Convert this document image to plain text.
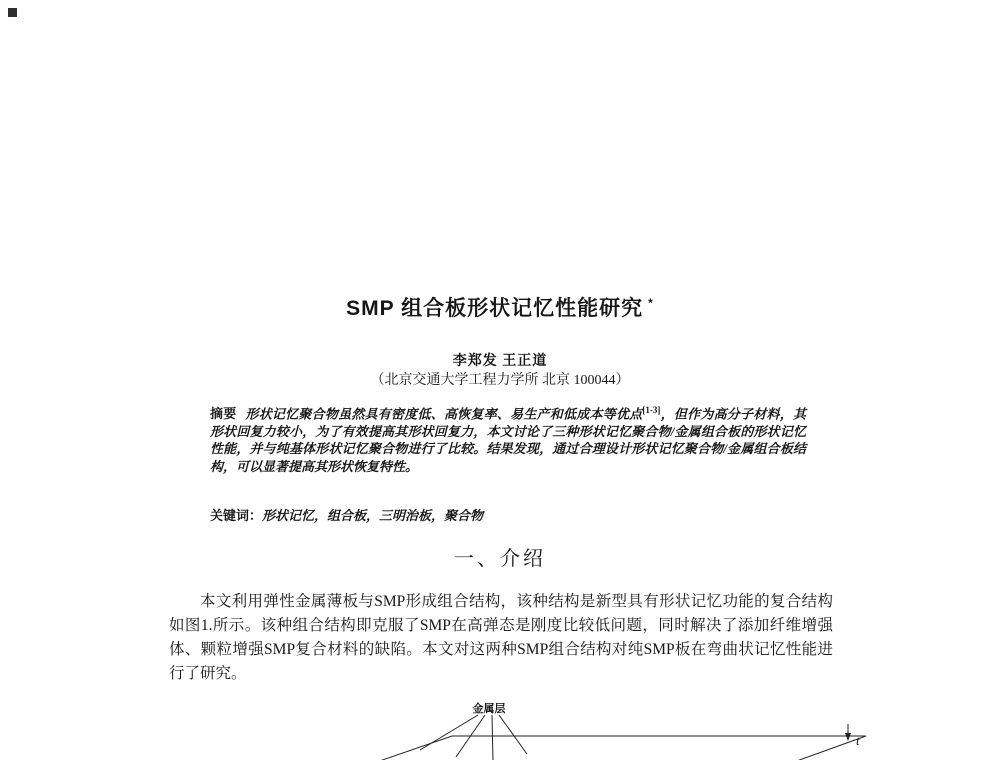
SMP 组合板形状记忆性能研究 *
李郑发 王正道
（北京交通大学工程力学所 北京 100044）
摘要 形状记忆聚合物虽然具有密度低、高恢复率、易生产和低成本等优点[1-3]，但作为高分子材料，其形状回复力较小，为了有效提高其形状回复力，本文讨论了三种形状记忆聚合物/金属组合板的形状记忆性能，并与纯基体形状记忆聚合物进行了比较。结果发现，通过合理设计形状记忆聚合物/金属组合板结构，可以显著提高其形状恢复特性。
关键词：形状记忆，组合板，三明治板，聚合物
一、介绍
本文利用弹性金属薄板与SMP形成组合结构，该种结构是新型具有形状记忆功能的复合结构如图1.所示。该种组合结构即克服了SMP在高弹态是刚度比较低问题，同时解决了添加纤维增强体、颗粒增强SMP复合材料的缺陷。本文对这两种SMP组合结构对纯SMP板在弯曲状记忆性能进行了研究。
金属层
t
